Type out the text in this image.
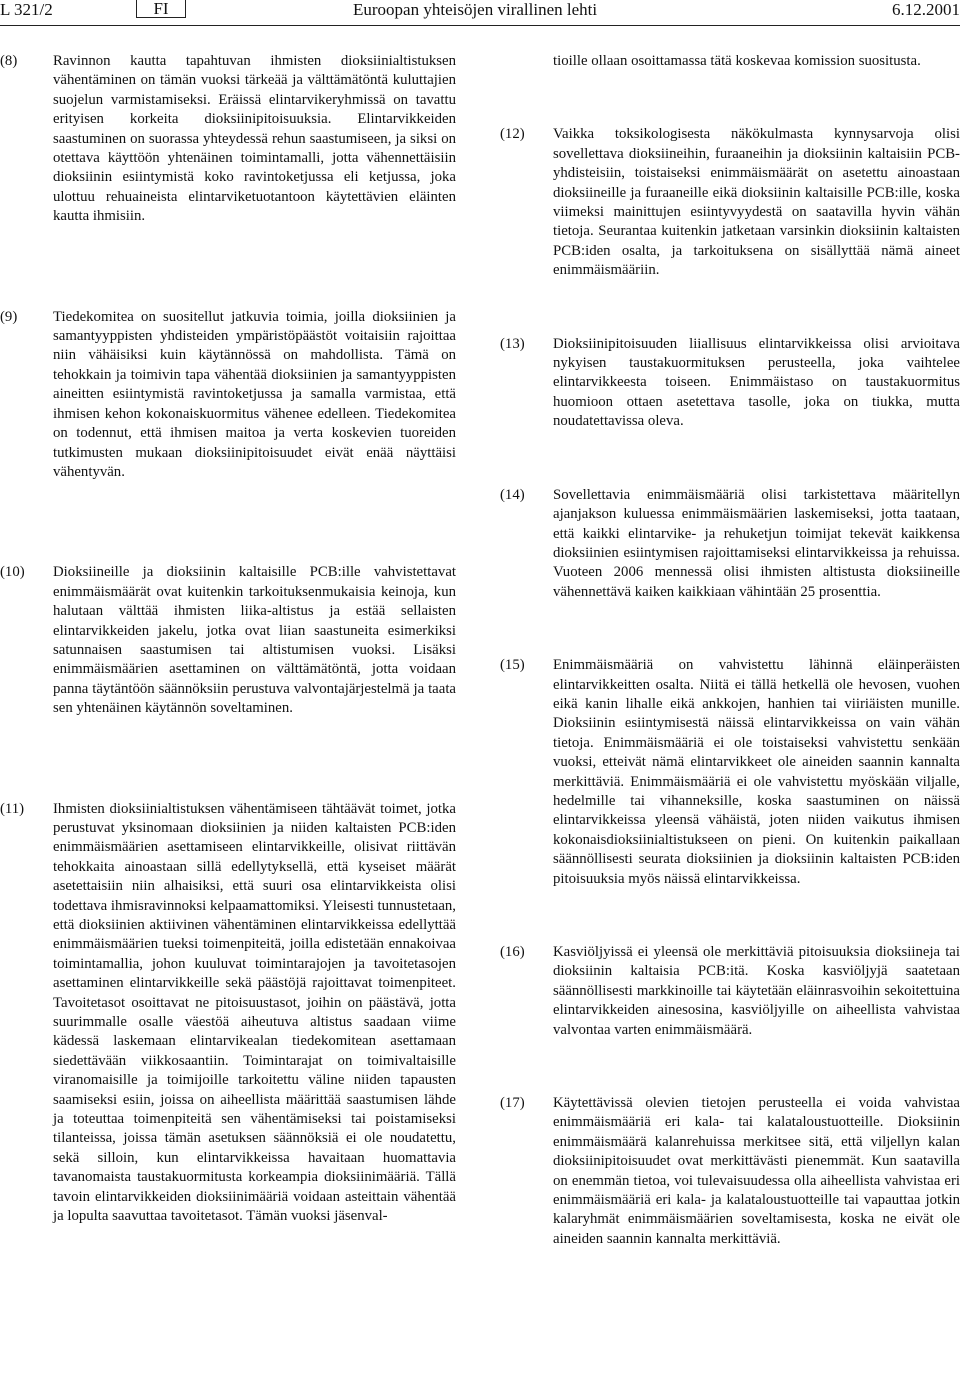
L 321/2	FI	Euroopan yhteisöjen virallinen lehti	6.12.2001
(8) Ravinnon kautta tapahtuvan ihmisten dioksiinialtistuksen vähentäminen on tämän vuoksi tärkeää ja välttämätöntä kuluttajien suojelun varmistamiseksi. Eräissä elintarvikeryhmissä on tavattu erityisen korkeita dioksiinipitoisuuksia. Elintarvikkeiden saastuminen on suorassa yhteydessä rehun saastumiseen, ja siksi on otettava käyttöön yhtenäinen toimintamalli, jotta vähennettäisiin dioksiinin esiintymistä koko ravintoketjussa eli ketjussa, joka ulottuu rehuaineista elintarviketuotantoon käytettävien eläinten kautta ihmisiin.
(9) Tiedekomitea on suositellut jatkuvia toimia, joilla dioksiinien ja samantyyppisten yhdisteiden ympäristöpäästöt voitaisiin rajoittaa niin vähäisiksi kuin käytännössä on mahdollista. Tämä on tehokkain ja toimivin tapa vähentää dioksiinien ja samantyyppisten aineitten esiintymistä ravintoketjussa ja samalla varmistaa, että ihmisen kehon kokonaiskuormitus vähenee edelleen. Tiedekomitea on todennut, että ihmisen maitoa ja verta koskevien tuoreiden tutkimusten mukaan dioksiinipitoisuudet eivät enää näyttäisi vähentyvän.
(10) Dioksiineille ja dioksiinin kaltaisille PCB:ille vahvistettavat enimmäismäärät ovat kuitenkin tarkoituksenmukaisia keinoja, kun halutaan välttää ihmisten liika-altistus ja estää sellaisten elintarvikkeiden jakelu, jotka ovat liian saastuneita esimerkiksi satunnaisen saastumisen tai altistumisen vuoksi. Lisäksi enimmäismäärien asettaminen on välttämätöntä, jotta voidaan panna täytäntöön säännöksiin perustuva valvontajärjestelmä ja taata sen yhtenäinen käytännön soveltaminen.
(11) Ihmisten dioksiinialtistuksen vähentämiseen tähtäävät toimet, jotka perustuvat yksinomaan dioksiinien ja niiden kaltaisten PCB:iden enimmäismäärien asettamiseen elintarvikkeille, olisivat riittävän tehokkaita ainoastaan sillä edellytyksellä, että kyseiset määrät asetettaisiin niin alhaisiksi, että suuri osa elintarvikkeista olisi todettava ihmisravinnoksi kelpaamattomiksi. Yleisesti tunnustetaan, että dioksiinien aktiivinen vähentäminen elintarvikkeissa edellyttää enimmäismäärien tueksi toimenpiteitä, joilla edistetään ennakoivaa toimintamallia, johon kuuluvat toimintarajojen ja tavoitetasojen asettaminen elintarvikkeille sekä päästöjä rajoittavat toimenpiteet. Tavoitetasot osoittavat ne pitoisuustasot, joihin on päästävä, jotta suurimmalle osalle väestöä aiheutuva altistus saadaan viime kädessä laskemaan elintarvikealan tiedekomitean asettamaan siedettävään viikkosaantiin. Toimintarajat on toimivaltaisille viranomaisille ja toimijoille tarkoitettu väline niiden tapausten saamiseksi esiin, joissa on aiheellista määrittää saastumisen lähde ja toteuttaa toimenpiteitä sen vähentämiseksi tai poistamiseksi tilanteissa, joissa tämän asetuksen säännöksiä ei ole noudatettu, sekä silloin, kun elintarvikkeissa havaitaan huomattavia tavanomaista taustakuormitusta korkeampia dioksiinimääriä. Tällä tavoin elintarvikkeiden dioksiinimääriä voidaan asteittain vähentää ja lopulta saavuttaa tavoitetasot. Tämän vuoksi jäsenval-
tioille ollaan osoittamassa tätä koskevaa komission suositusta.
(12) Vaikka toksikologisesta näkökulmasta kynnysarvoja olisi sovellettava dioksiineihin, furaaneihin ja dioksiinin kaltaisiin PCB-yhdisteisiin, toistaiseksi enimmäismäärät on asetettu ainoastaan dioksiineille ja furaaneille eikä dioksiinin kaltaisille PCB:ille, koska viimeksi mainittujen esiintyvyydestä on saatavilla hyvin vähän tietoja. Seurantaa kuitenkin jatketaan varsinkin dioksiinin kaltaisten PCB:iden osalta, ja tarkoituksena on sisällyttää nämä aineet enimmäismääriin.
(13) Dioksiinipitoisuuden liiallisuus elintarvikkeissa olisi arvioitava nykyisen taustakuormituksen perusteella, joka vaihtelee elintarvikkeesta toiseen. Enimmäistaso on taustakuormitus huomioon ottaen asetettava tasolle, joka on tiukka, mutta noudatettavissa oleva.
(14) Sovellettavia enimmäismääriä olisi tarkistettava määritellyn ajanjakson kuluessa enimmäismäärien laskemiseksi, jotta taataan, että kaikki elintarvike- ja rehuketjun toimijat tekevät kaikkensa dioksiinien esiintymisen rajoittamiseksi elintarvikkeissa ja rehuissa. Vuoteen 2006 mennessä olisi ihmisten altistusta dioksiineille vähennettävä kaiken kaikkiaan vähintään 25 prosenttia.
(15) Enimmäismääriä on vahvistettu lähinnä eläinperäisten elintarvikkeitten osalta. Niitä ei tällä hetkellä ole hevosen, vuohen eikä kanin lihalle eikä ankkojen, hanhien tai viiriäisten munille. Dioksiinin esiintymisestä näissä elintarvikkeissa on vain vähän tietoja. Enimmäismääriä ei ole toistaiseksi vahvistettu senkään vuoksi, etteivät nämä elintarvikkeet ole aineiden saannin kannalta merkittäviä. Enimmäismääriä ei ole vahvistettu myöskään viljalle, hedelmille tai vihanneksille, koska saastuminen on näissä elintarvikkeissa yleensä vähäistä, joten niiden vaikutus ihmisen kokonaisdioksiinialtistukseen on pieni. On kuitenkin paikallaan säännöllisesti seurata dioksiinien ja dioksiinin kaltaisten PCB:iden pitoisuuksia myös näissä elintarvikkeissa.
(16) Kasviöljyissä ei yleensä ole merkittäviä pitoisuuksia dioksiineja tai dioksiinin kaltaisia PCB:itä. Koska kasviöljyjä saatetaan säännöllisesti markkinoille tai käytetään eläinrasvoihin sekoitettuina elintarvikkeiden ainesosina, kasviöljyille on aiheellista vahvistaa valvontaa varten enimmäismäärä.
(17) Käytettävissä olevien tietojen perusteella ei voida vahvistaa enimmäismääriä eri kala- tai kalataloustuotteille. Dioksiinin enimmäismäärä kalanrehuissa merkitsee sitä, että viljellyn kalan dioksiinipitoisuudet ovat merkittävästi pienemmät. Kun saatavilla on enemmän tietoa, voi tulevaisuudessa olla aiheellista vahvistaa eri enimmäismääriä eri kala- ja kalataloustuotteille tai vapauttaa jotkin kalaryhmät enimmäismäärien soveltamisesta, koska ne eivät ole aineiden saannin kannalta merkittäviä.
